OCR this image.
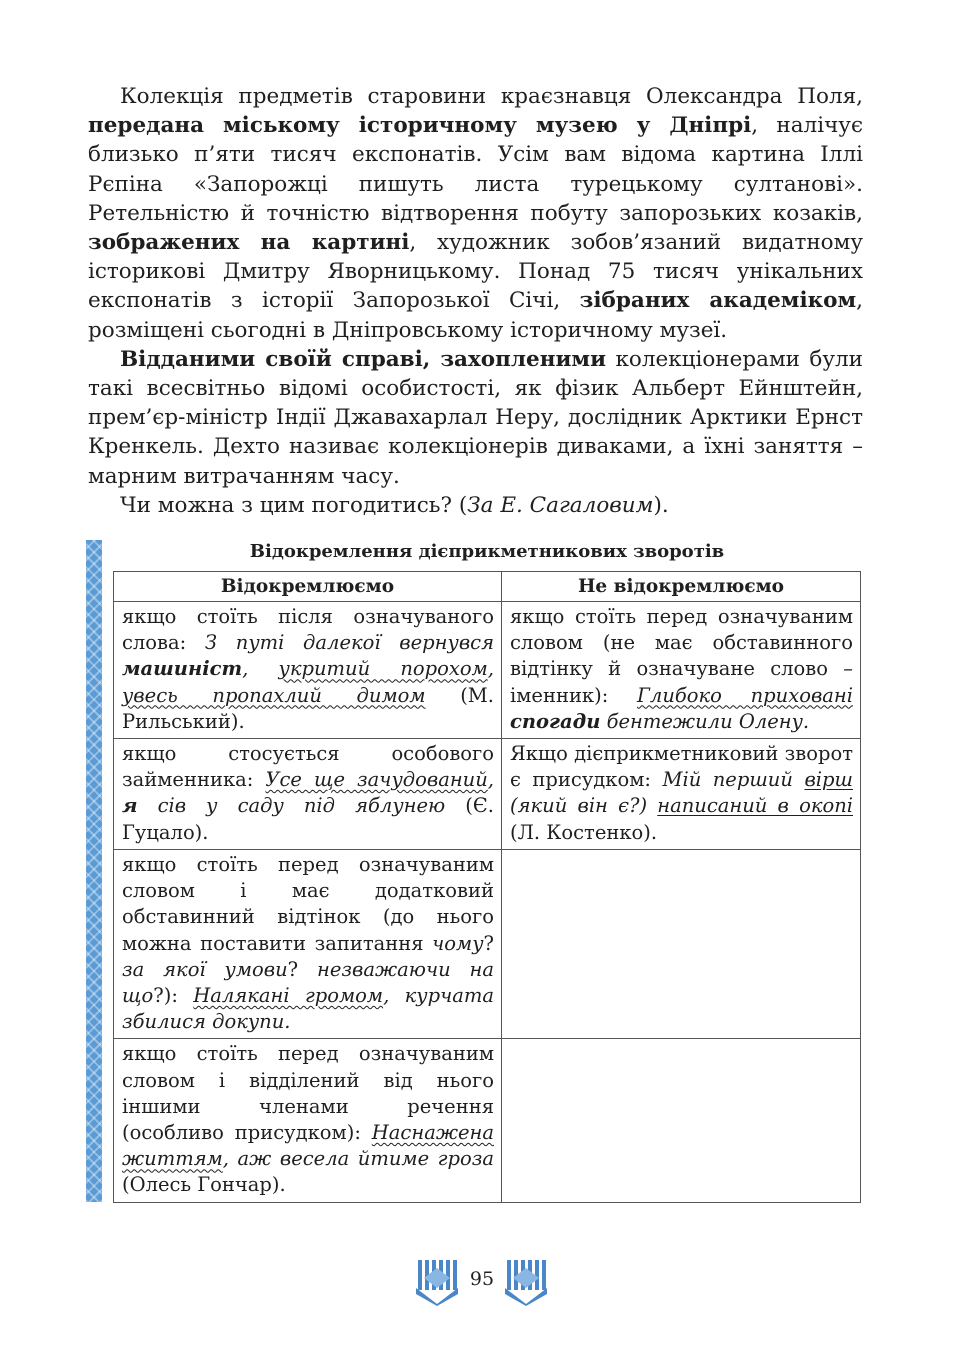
Колекція предметів старовини краєзнавця Олександра Поля, передана міському історичному музею у Дніпрі, налічує близько п’яти тисяч експонатів. Усім вам відома картина Іллі Рєпіна «Запорожці пишуть листа турецькому султанові». Ретельністю й точністю відтворення побуту запорозьких козаків, зображених на картині, художник зобов’язаний видатному історикові Дмитру Яворницькому. Понад 75 тисяч унікальних експонатів з історії Запорозької Січі, зібраних академіком, розміщені сьогодні в Дніпровському історичному музеї.

Відданими своїй справі, захопленими колекціонерами були такі всесвітньо відомі особистості, як фізик Альберт Ейнштейн, прем’єр-міністр Індії Джавахарлал Неру, дослідник Арктики Ернст Кренкель. Дехто називає колекціонерів диваками, а їхні заняття – марним витрачанням часу.

Чи можна з цим погодитись? (За Е. Сагаловим).

Відокремлення дієприкметникових зворотів
Відокремлюємо	Не відокремлюємо
якщо стоїть після означуваного слова: З путі далекої вернувся машиніст, укритий порохом, увесь пропахлий димом (М. Рильський).	якщо стоїть перед означуваним словом (не має обставинного відтінку й означуване слово – іменник): Глибоко приховані спогади бентежили Олену.
якщо стосується особового займенника: Усе ще зачудований, я сів у саду під яблунею (Є. Гуцало).	Якщо дієприкметниковий зворот є присудком: Мій перший вірш (який він є?) написаний в окопі (Л. Костенко).
якщо стоїть перед означуваним словом і має додатковий обставинний відтінок (до нього можна поставити запитання чому? за якої умови? незважаючи на що?): Налякані громом, курчата збилися докупи.	
якщо стоїть перед означуваним словом і відділений від нього іншими членами речення (особливо присудком): Наснажена життям, аж весела йтиме гроза (Олесь Гончар).	
95
